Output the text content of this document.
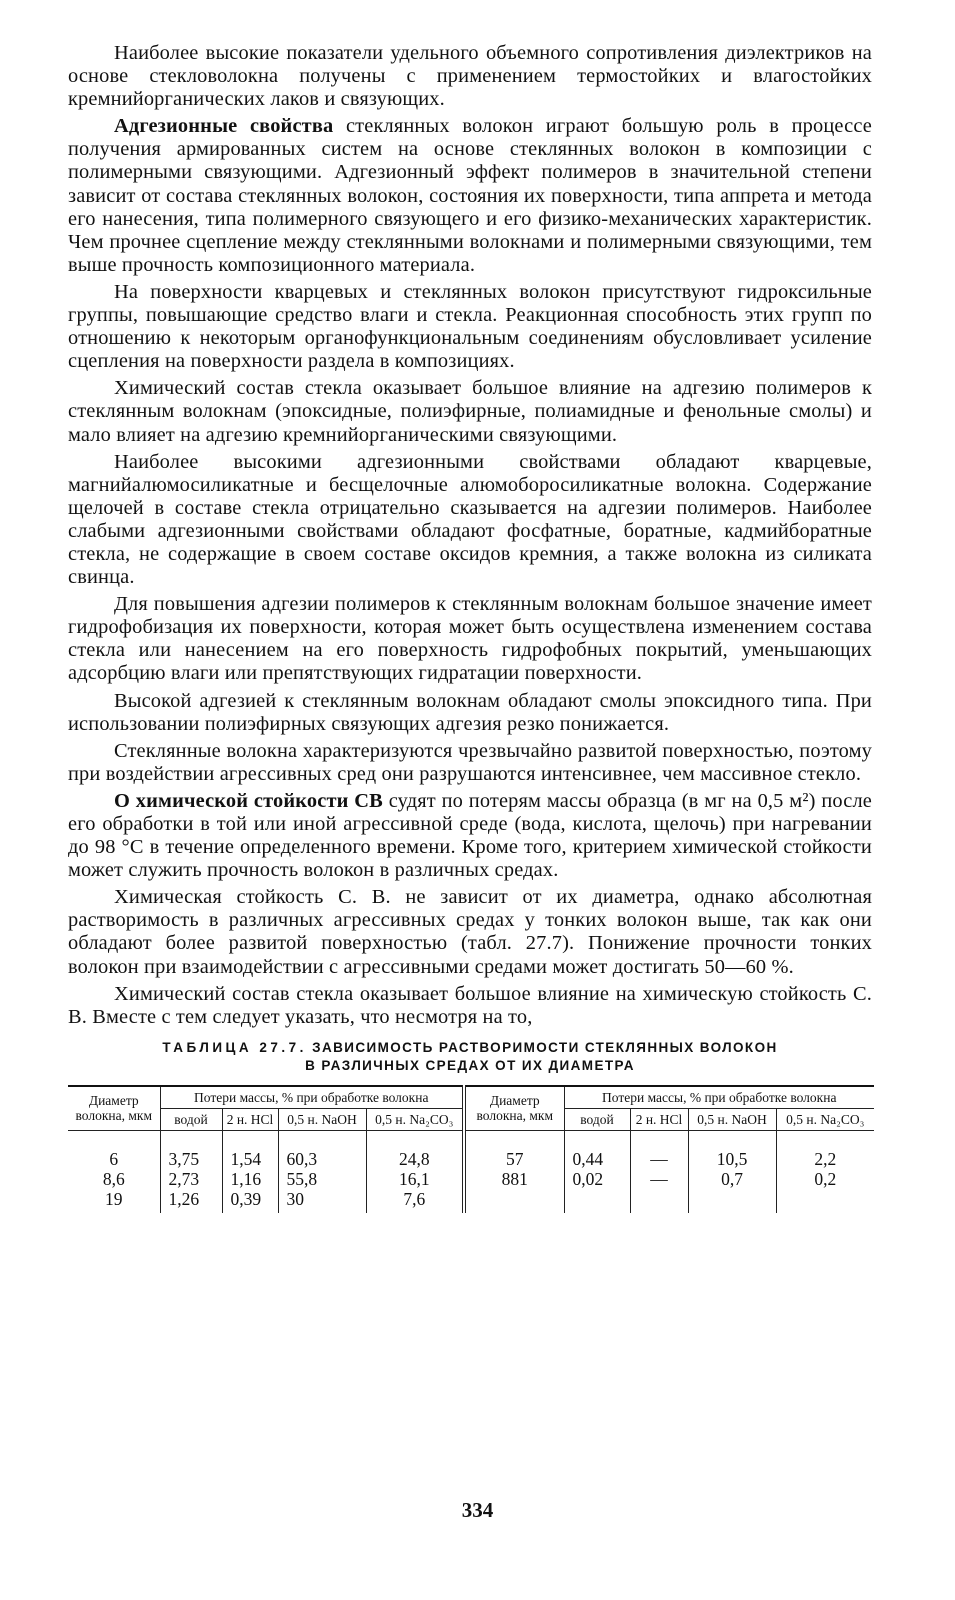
Наиболее высокие показатели удельного объемного сопротивления диэлектриков на основе стекловолокна получены с применением термостойких и влагостойких кремнийорганических лаков и связующих.

Адгезионные свойства стеклянных волокон играют большую роль в процессе получения армированных систем на основе стеклянных волокон в композиции с полимерными связующими. Адгезионный эффект полимеров в значительной степени зависит от состава стеклянных волокон, состояния их поверхности, типа аппрета и метода его нанесения, типа полимерного связующего и его физико-механических характеристик. Чем прочнее сцепление между стеклянными волокнами и полимерными связующими, тем выше прочность композиционного материала.

На поверхности кварцевых и стеклянных волокон присутствуют гидроксильные группы, повышающие средство влаги и стекла. Реакционная способность этих групп по отношению к некоторым органофункциональным соединениям обусловливает усиление сцепления на поверхности раздела в композициях.

Химический состав стекла оказывает большое влияние на адгезию полимеров к стеклянным волокнам (эпоксидные, полиэфирные, полиамидные и фенольные смолы) и мало влияет на адгезию кремнийорганическими связующими.

Наиболее высокими адгезионными свойствами обладают кварцевые, магнийалюмосиликатные и бесщелочные алюмоборосиликатные волокна. Содержание щелочей в составе стекла отрицательно сказывается на адгезии полимеров. Наиболее слабыми адгезионными свойствами обладают фосфатные, боратные, кадмийборатные стекла, не содержащие в своем составе оксидов кремния, а также волокна из силиката свинца.

Для повышения адгезии полимеров к стеклянным волокнам большое значение имеет гидрофобизация их поверхности, которая может быть осуществлена изменением состава стекла или нанесением на его поверхность гидрофобных покрытий, уменьшающих адсорбцию влаги или препятствующих гидратации поверхности.

Высокой адгезией к стеклянным волокнам обладают смолы эпоксидного типа. При использовании полиэфирных связующих адгезия резко понижается.

Стеклянные волокна характеризуются чрезвычайно развитой поверхностью, поэтому при воздействии агрессивных сред они разрушаются интенсивнее, чем массивное стекло.

О химической стойкости СВ судят по потерям массы образца (в мг на 0,5 м²) после его обработки в той или иной агрессивной среде (вода, кислота, щелочь) при нагревании до 98 °С в течение определенного времени. Кроме того, критерием химической стойкости может служить прочность волокон в различных средах.

Химическая стойкость С. В. не зависит от их диаметра, однако абсолютная растворимость в различных агрессивных средах у тонких волокон выше, так как они обладают более развитой поверхностью (табл. 27.7). Понижение прочности тонких волокон при взаимодействии с агрессивными средами может достигать 50—60 %.

Химический состав стекла оказывает большое влияние на химическую стойкость С. В. Вместе с тем следует указать, что несмотря на то,

ТАБЛИЦА 27.7. ЗАВИСИМОСТЬ РАСТВОРИМОСТИ СТЕКЛЯННЫХ ВОЛОКОН
В РАЗЛИЧНЫХ СРЕДАХ ОТ ИХ ДИАМЕТРА
Диаметр волокна, мкм	Потери массы, % при обработке волокна				Диаметр волокна, мкм	Потери массы, % при обработке волокна			
	водой	2 н. HCl	0,5 н. NaOH	0,5 н. Na₂CO₃		водой	2 н. HCl	0,5 н. NaOH	0,5 н. Na₂CO₃
6	3,75	1,54	60,3	24,8	57	0,44	—	10,5	2,2
8,6	2,73	1,16	55,8	16,1	881	0,02	—	0,7	0,2
19	1,26	0,39	30	7,6					
334
